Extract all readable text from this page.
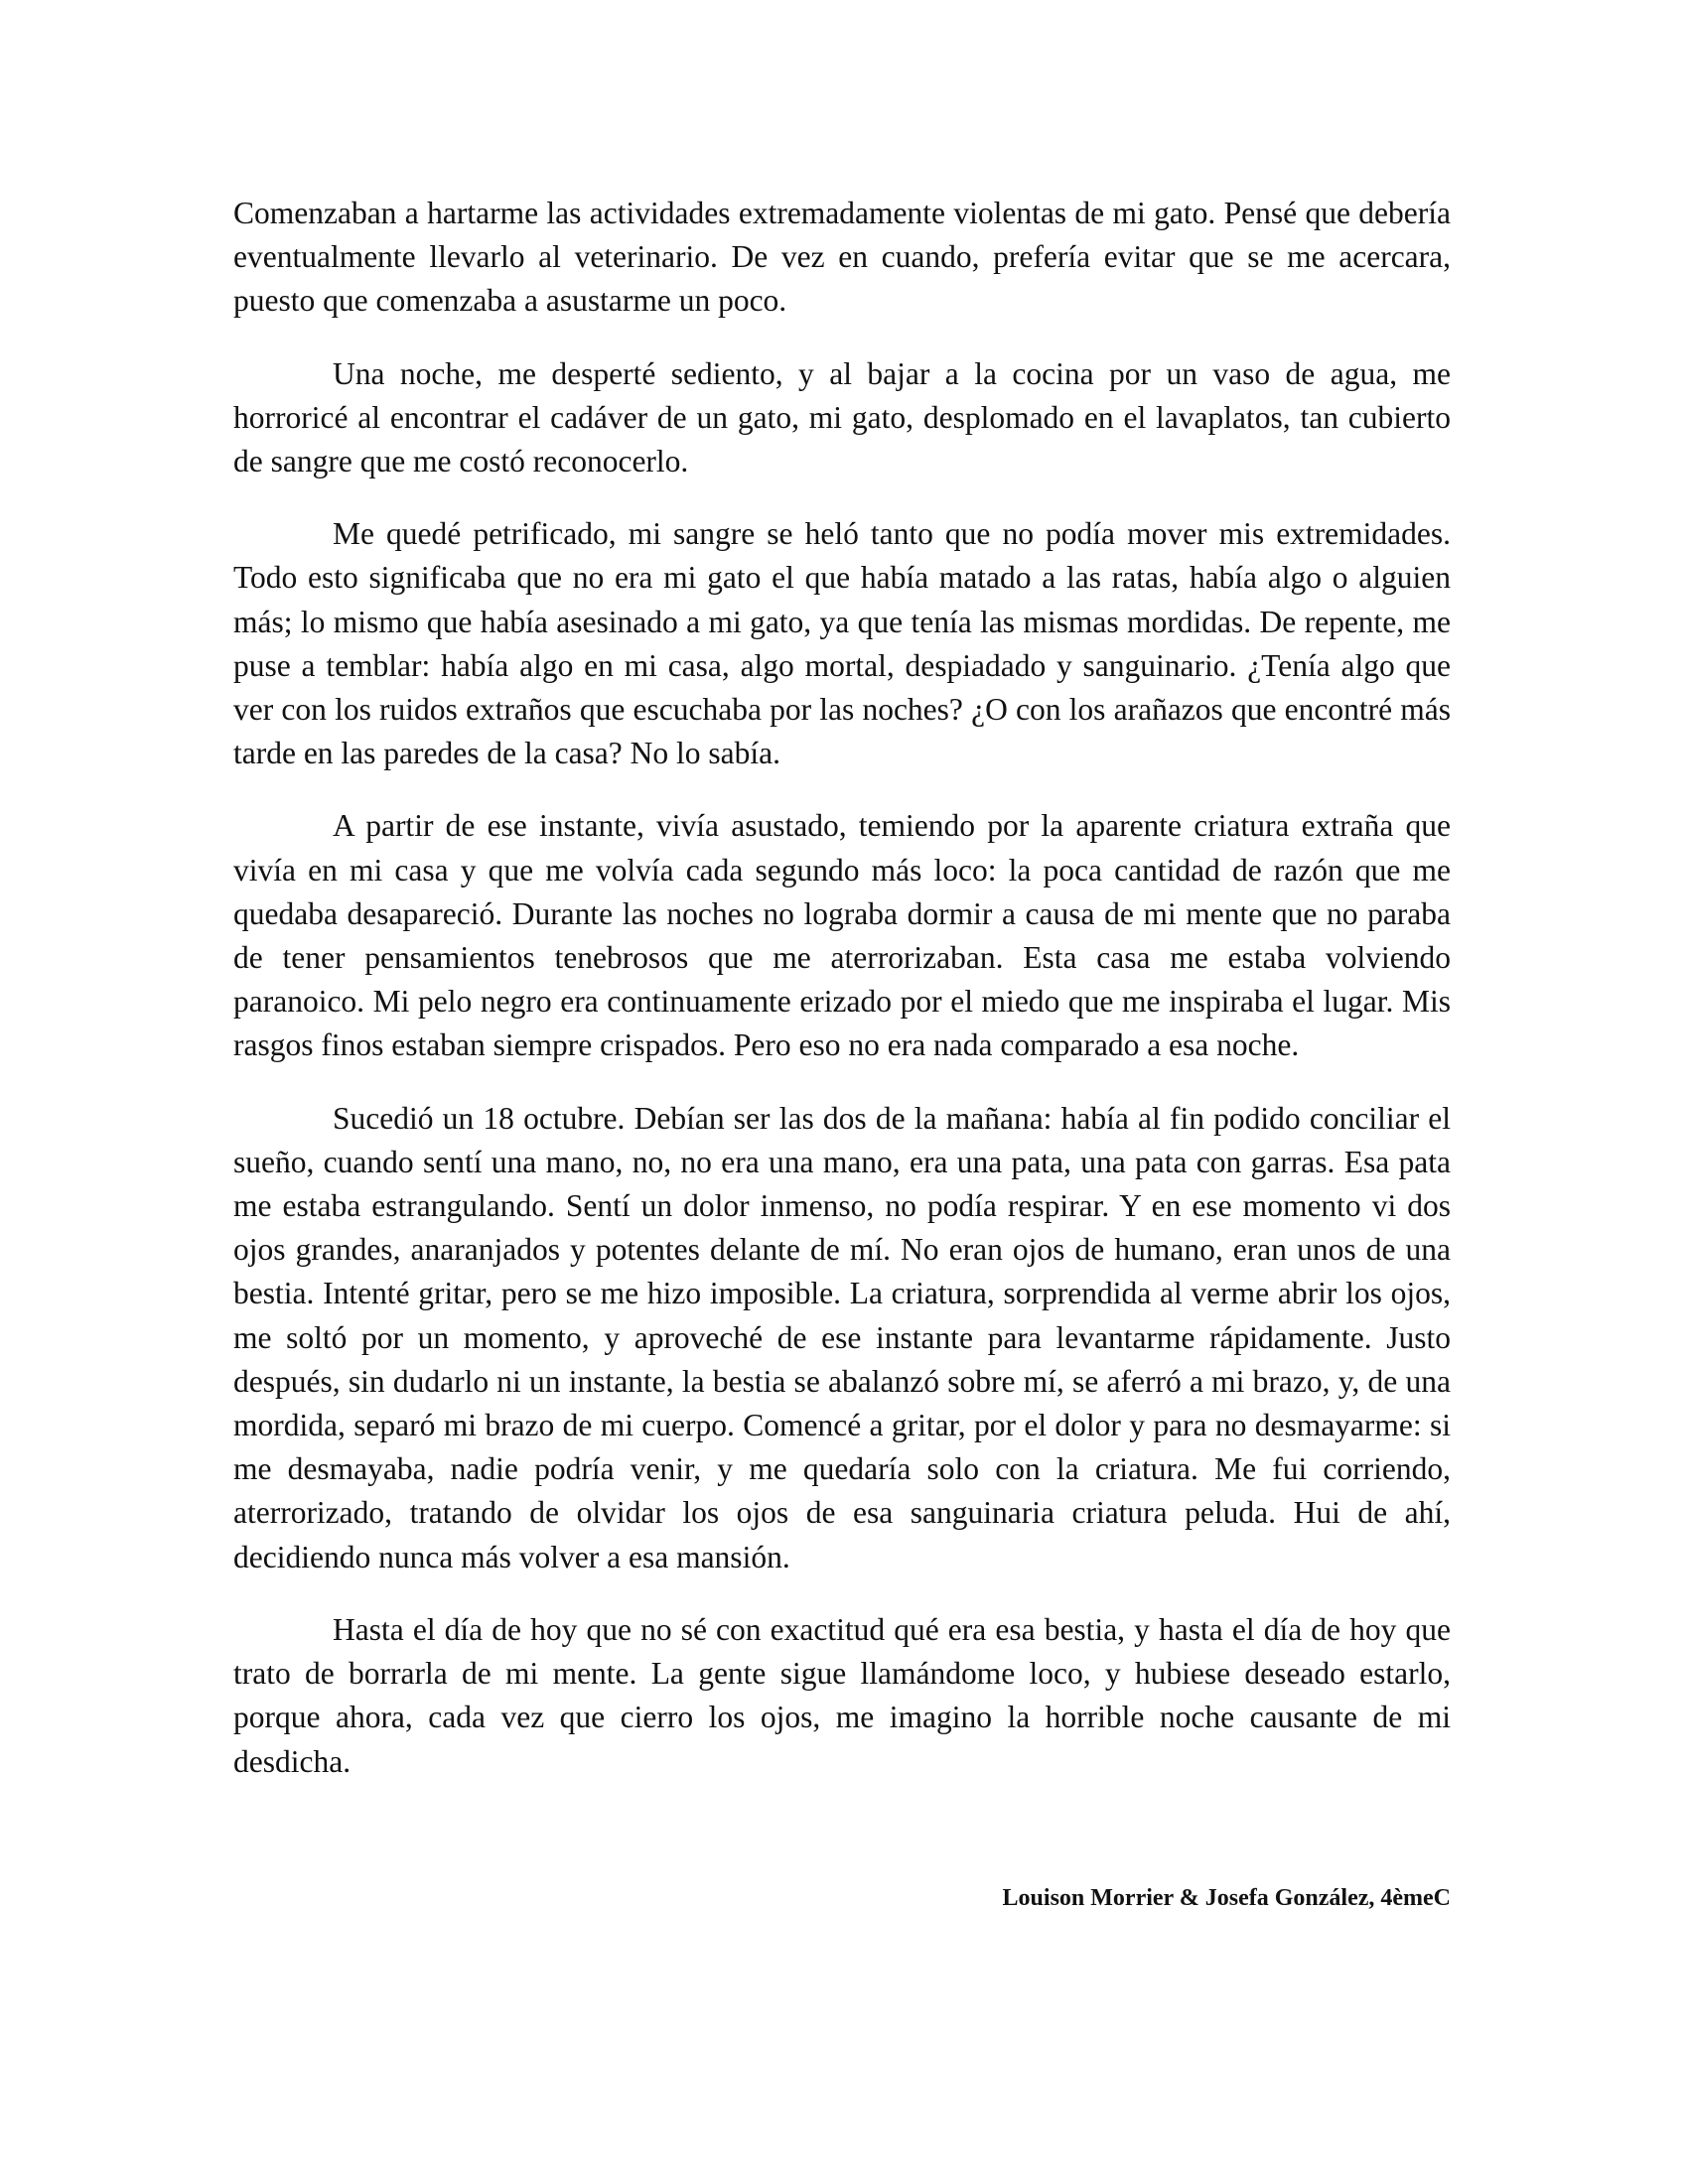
Comenzaban a hartarme las actividades extremadamente violentas de mi gato. Pensé que debería eventualmente llevarlo al veterinario. De vez en cuando, prefería evitar que se me acercara, puesto que comenzaba a asustarme un poco.

Una noche, me desperté sediento, y al bajar a la cocina por un vaso de agua, me horroricé al encontrar el cadáver de un gato, mi gato, desplomado en el lavaplatos, tan cubierto de sangre que me costó reconocerlo.

Me quedé petrificado, mi sangre se heló tanto que no podía mover mis extremidades. Todo esto significaba que no era mi gato el que había matado a las ratas, había algo o alguien más; lo mismo que había asesinado a mi gato, ya que tenía las mismas mordidas. De repente, me puse a temblar: había algo en mi casa, algo mortal, despiadado y sanguinario. ¿Tenía algo que ver con los ruidos extraños que escuchaba por las noches? ¿O con los arañazos que encontré más tarde en las paredes de la casa? No lo sabía.

A partir de ese instante, vivía asustado, temiendo por la aparente criatura extraña que vivía en mi casa y que me volvía cada segundo más loco: la poca cantidad de razón que me quedaba desapareció. Durante las noches no lograba dormir a causa de mi mente que no paraba de tener pensamientos tenebrosos que me aterrorizaban. Esta casa me estaba volviendo paranoico. Mi pelo negro era continuamente erizado por el miedo que me inspiraba el lugar. Mis rasgos finos estaban siempre crispados. Pero eso no era nada comparado a esa noche.

Sucedió un 18 octubre. Debían ser las dos de la mañana: había al fin podido conciliar el sueño, cuando sentí una mano, no, no era una mano, era una pata, una pata con garras. Esa pata me estaba estrangulando. Sentí un dolor inmenso, no podía respirar. Y en ese momento vi dos ojos grandes, anaranjados y potentes delante de mí. No eran ojos de humano, eran unos de una bestia. Intenté gritar, pero se me hizo imposible. La criatura, sorprendida al verme abrir los ojos, me soltó por un momento, y aproveché de ese instante para levantarme rápidamente. Justo después, sin dudarlo ni un instante, la bestia se abalanzó sobre mí, se aferró a mi brazo, y, de una mordida, separó mi brazo de mi cuerpo. Comencé a gritar, por el dolor y para no desmayarme: si me desmayaba, nadie podría venir, y me quedaría solo con la criatura. Me fui corriendo, aterrorizado, tratando de olvidar los ojos de esa sanguinaria criatura peluda. Hui de ahí, decidiendo nunca más volver a esa mansión.

Hasta el día de hoy que no sé con exactitud qué era esa bestia, y hasta el día de hoy que trato de borrarla de mi mente. La gente sigue llamándome loco, y hubiese deseado estarlo, porque ahora, cada vez que cierro los ojos, me imagino la horrible noche causante de mi desdicha.

Louison Morrier & Josefa González, 4èmeC
